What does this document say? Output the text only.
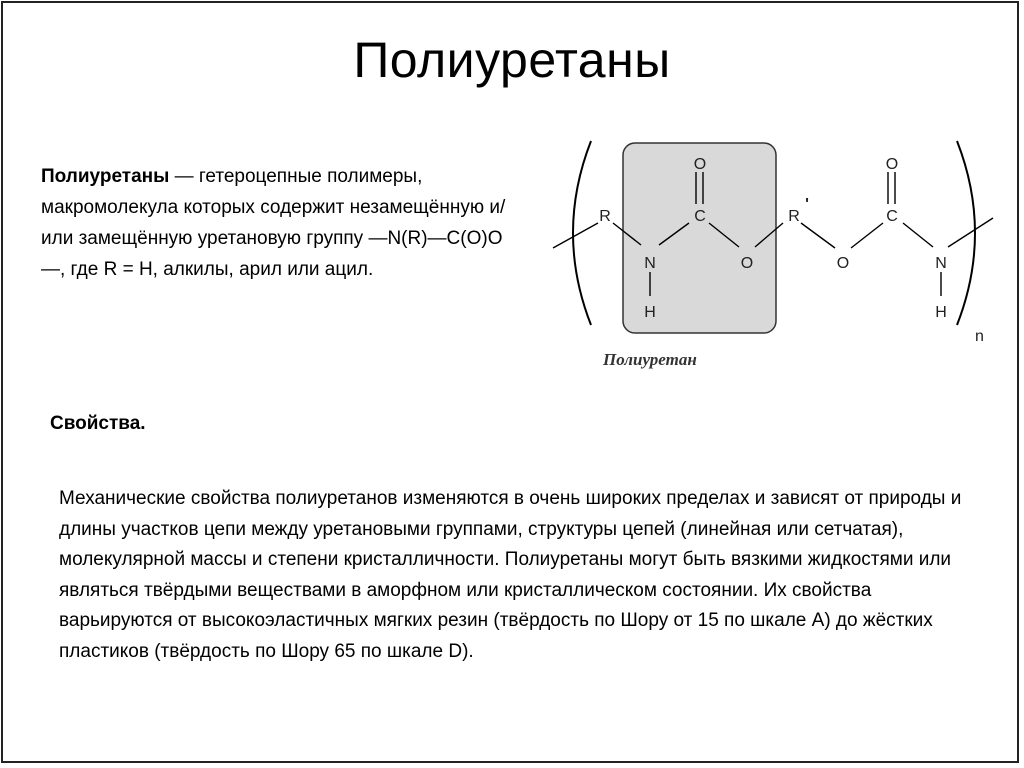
Полиуретаны
Полиуретаны — гетероцепные полимеры, макромолекула которых содержит незамещённую и/или замещённую уретановую группу —N(R)—C(O)O—, где R = H, алкилы, арил или ацил.
R
O
C
N
H
O
R
'
O
O
C
N
H
n
Полиуретан
Свойства.
Механические свойства полиуретанов изменяются в очень широких пределах и зависят от природы и длины участков цепи между уретановыми группами, структуры цепей (линейная или сетчатая), молекулярной массы и степени кристалличности. Полиуретаны могут быть вязкими жидкостями или являться твёрдыми веществами в аморфном или кристаллическом состоянии. Их свойства варьируются от высокоэластичных мягких резин (твёрдость по Шору от 15 по шкале A) до жёстких пластиков (твёрдость по Шору 65 по шкале D).
